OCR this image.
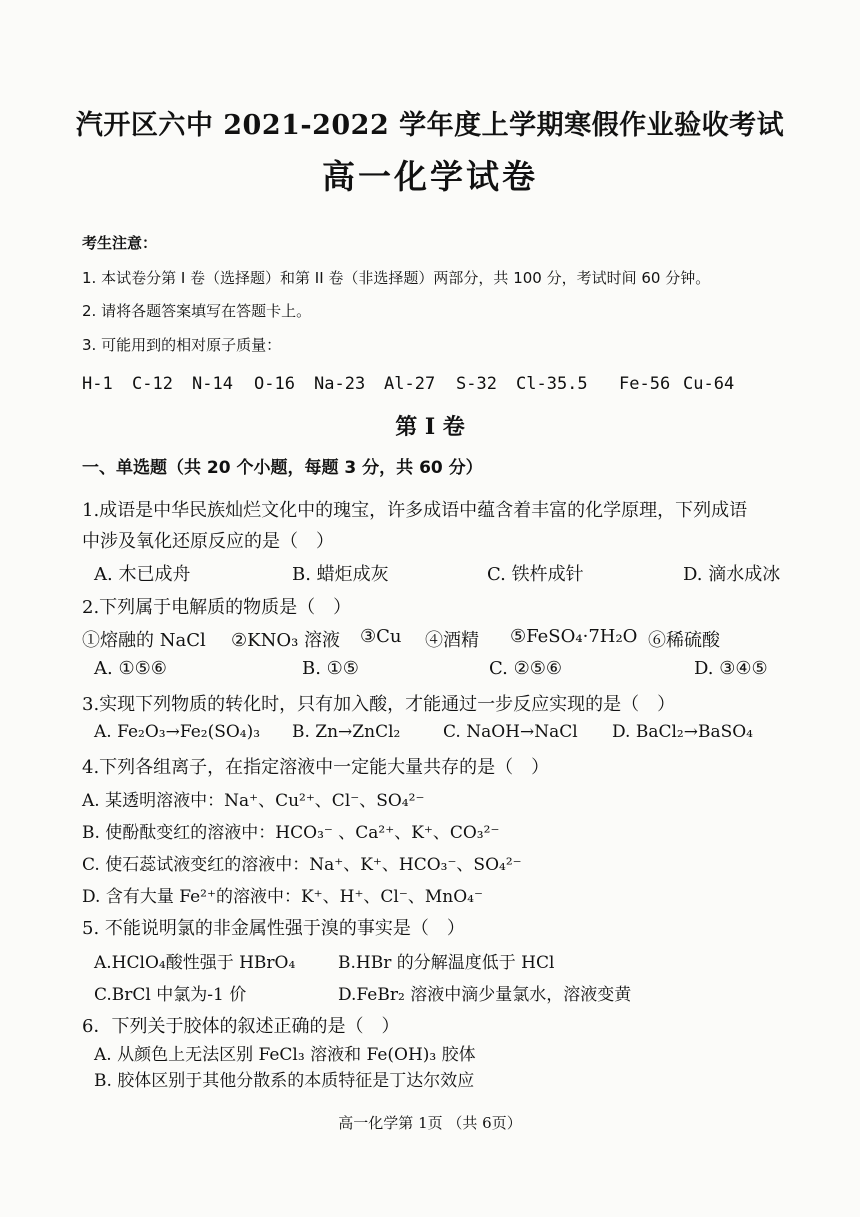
汽开区六中 2021-2022 学年度上学期寒假作业验收考试
高一化学试卷
考生注意：
1. 本试卷分第 I 卷（选择题）和第 II 卷（非选择题）两部分，共 100 分，考试时间 60 分钟。
2. 请将各题答案填写在答题卡上。
3. 可能用到的相对原子质量：
H-1 C-12 N-14 O-16 Na-23 Al-27 S-32 Cl-35.5 Fe-56 Cu-64
第 I 卷
一、单选题（共 20 个小题，每题 3 分，共 60 分）
1.成语是中华民族灿烂文化中的瑰宝，许多成语中蕴含着丰富的化学原理，下列成语
中涉及氧化还原反应的是（　）
A. 木已成舟	B. 蜡炬成灰	C. 铁杵成针	D. 滴水成冰
2.下列属于电解质的物质是（　）
①熔融的 NaCl ②KNO₃ 溶液 ③Cu ④酒精 ⑤FeSO₄·7H₂O ⑥稀硫酸
A. ①⑤⑥	B. ①⑤	C. ②⑤⑥	D. ③④⑤
3.实现下列物质的转化时，只有加入酸，才能通过一步反应实现的是（　）
A. Fe₂O₃→Fe₂(SO₄)₃ B. Zn→ZnCl₂	C. NaOH→NaCl D. BaCl₂→BaSO₄
4.下列各组离子，在指定溶液中一定能大量共存的是（　）
A. 某透明溶液中：Na⁺、Cu²⁺、Cl⁻、SO₄²⁻
B. 使酚酞变红的溶液中：HCO₃⁻ 、Ca²⁺、K⁺、CO₃²⁻
C. 使石蕊试液变红的溶液中：Na⁺、K⁺、HCO₃⁻、SO₄²⁻
D. 含有大量 Fe²⁺的溶液中：K⁺、H⁺、Cl⁻、MnO₄⁻
5. 不能说明氯的非金属性强于溴的事实是（　）
A.HClO₄酸性强于 HBrO₄	B.HBr 的分解温度低于 HCl
C.BrCl 中氯为-1 价	D.FeBr₂ 溶液中滴少量氯水，溶液变黄
6．下列关于胶体的叙述正确的是（　）
A. 从颜色上无法区别 FeCl₃ 溶液和 Fe(OH)₃ 胶体
B. 胶体区别于其他分散系的本质特征是丁达尔效应
高一化学第 1页 （共 6页）
